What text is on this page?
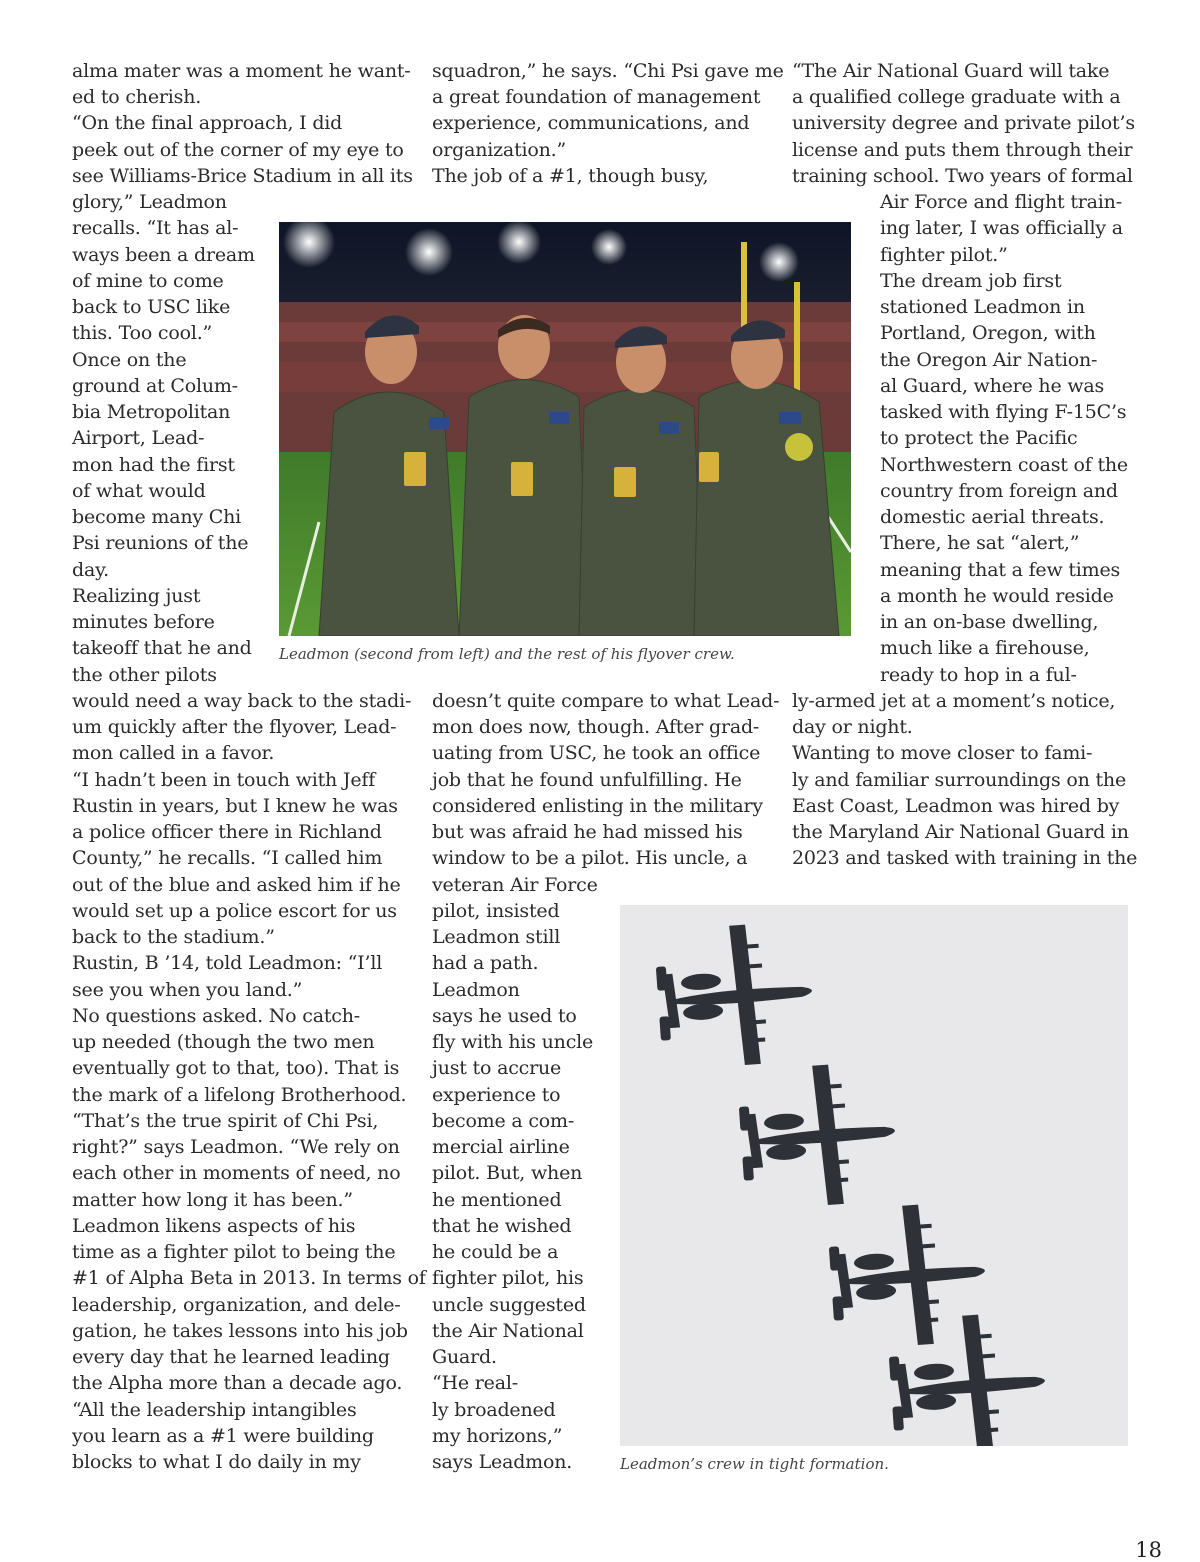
alma mater was a moment he want-
ed to cherish.
“On the final approach, I did
peek out of the corner of my eye to
see Williams-Brice Stadium in all its
glory,” Leadmon
recalls. “It has al-
ways been a dream
of mine to come
back to USC like
this. Too cool.”
Once on the
ground at Colum-
bia Metropolitan
Airport, Lead-
mon had the first
of what would
become many Chi
Psi reunions of the
day.
Realizing just
minutes before
takeoff that he and
the other pilots
would need a way back to the stadi-
um quickly after the flyover, Lead-
mon called in a favor.
“I hadn’t been in touch with Jeff
Rustin in years, but I knew he was
a police officer there in Richland
County,” he recalls. “I called him
out of the blue and asked him if he
would set up a police escort for us
back to the stadium.”
Rustin, B ’14, told Leadmon: “I’ll
see you when you land.”
No questions asked. No catch-
up needed (though the two men
eventually got to that, too). That is
the mark of a lifelong Brotherhood.
“That’s the true spirit of Chi Psi,
right?” says Leadmon. “We rely on
each other in moments of need, no
matter how long it has been.”
Leadmon likens aspects of his
time as a fighter pilot to being the
#1 of Alpha Beta in 2013. In terms of
leadership, organization, and dele-
gation, he takes lessons into his job
every day that he learned leading
the Alpha more than a decade ago.
“All the leadership intangibles
you learn as a #1 were building
blocks to what I do daily in my
squadron,” he says. “Chi Psi gave me
a great foundation of management
experience, communications, and
organization.”
The job of a #1, though busy,
doesn’t quite compare to what Lead-
mon does now, though. After grad-
uating from USC, he took an office
job that he found unfulfilling. He
considered enlisting in the military
but was afraid he had missed his
window to be a pilot. His uncle, a
veteran Air Force
pilot, insisted
Leadmon still
had a path.
Leadmon
says he used to
fly with his uncle
just to accrue
experience to
become a com-
mercial airline
pilot. But, when
he mentioned
that he wished
he could be a
fighter pilot, his
uncle suggested
the Air National
Guard.
“He real-
ly broadened
my horizons,”
says Leadmon.
“The Air National Guard will take
a qualified college graduate with a
university degree and private pilot’s
license and puts them through their
training school. Two years of formal
Air Force and flight train-
ing later, I was officially a
fighter pilot.”
The dream job first
stationed Leadmon in
Portland, Oregon, with
the Oregon Air Nation-
al Guard, where he was
tasked with flying F-15C’s
to protect the Pacific
Northwestern coast of the
country from foreign and
domestic aerial threats.
There, he sat “alert,”
meaning that a few times
a month he would reside
in an on-base dwelling,
much like a firehouse,
ready to hop in a ful-
ly-armed jet at a moment’s notice,
day or night.
Wanting to move closer to fami-
ly and familiar surroundings on the
East Coast, Leadmon was hired by
the Maryland Air National Guard in
2023 and tasked with training in the
Leadmon (second from left) and the rest of his flyover crew.
Leadmon’s crew in tight formation.
18
